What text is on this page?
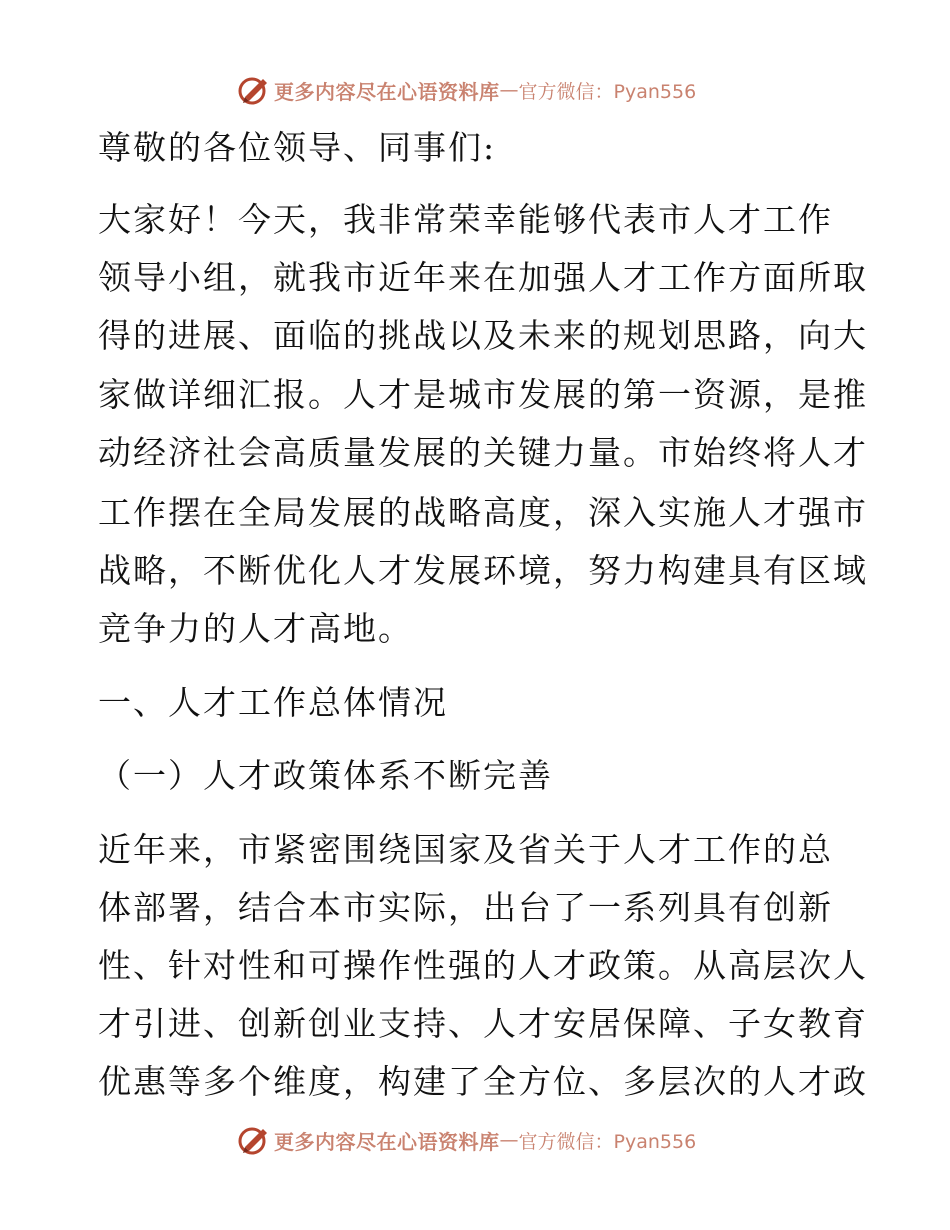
更多内容尽在心语资料库 — 官方微信：Pyan556
尊敬的各位领导、同事们:
大家好！今天，我非常荣幸能够代表市人才工作
领导小组，就我市近年来在加强人才工作方面所取
得的进展、面临的挑战以及未来的规划思路，向大
家做详细汇报。人才是城市发展的第一资源，是推
动经济社会高质量发展的关键力量。市始终将人才
工作摆在全局发展的战略高度，深入实施人才强市
战略，不断优化人才发展环境，努力构建具有区域
竞争力的人才高地。
一、人才工作总体情况
（一）人才政策体系不断完善
近年来，市紧密围绕国家及省关于人才工作的总
体部署，结合本市实际，出台了一系列具有创新
性、针对性和可操作性强的人才政策。从高层次人
才引进、创新创业支持、人才安居保障、子女教育
优惠等多个维度，构建了全方位、多层次的人才政
更多内容尽在心语资料库 — 官方微信：Pyan556
